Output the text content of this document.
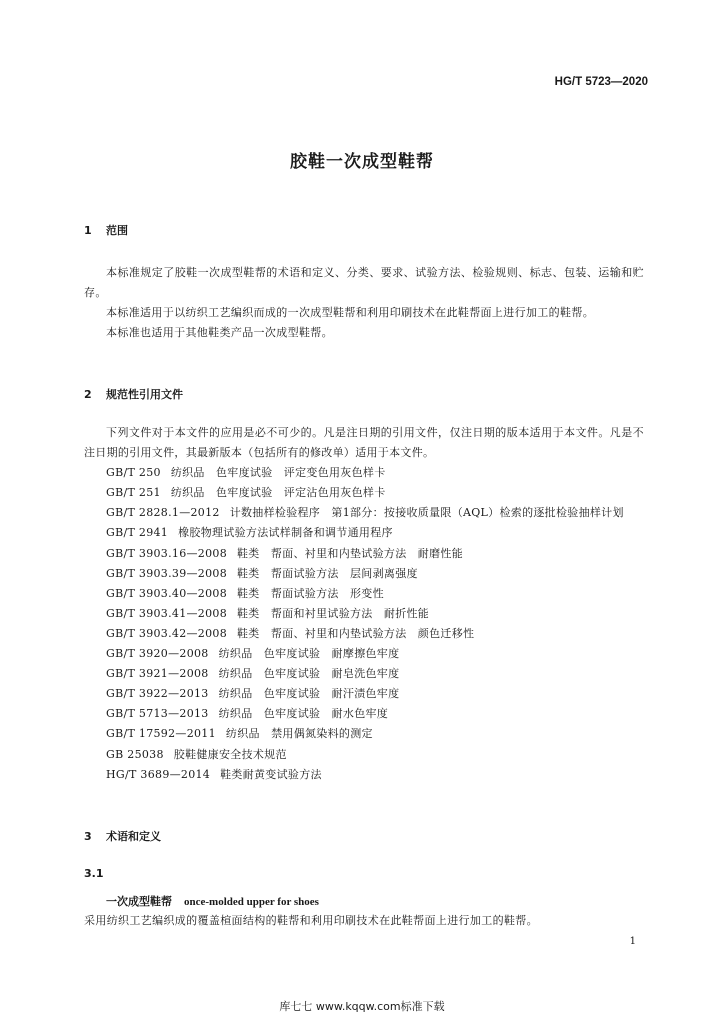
HG/T 5723—2020
胶鞋一次成型鞋帮
1 范围

本标准规定了胶鞋一次成型鞋帮的术语和定义、分类、要求、试验方法、检验规则、标志、包装、运输和贮存。

本标准适用于以纺织工艺编织而成的一次成型鞋帮和利用印刷技术在此鞋帮面上进行加工的鞋帮。

本标准也适用于其他鞋类产品一次成型鞋帮。

2 规范性引用文件
下列文件对于本文件的应用是必不可少的。凡是注日期的引用文件，仅注日期的版本适用于本文件。凡是不注日期的引用文件，其最新版本（包括所有的修改单）适用于本文件。
GB/T 250 纺织品　色牢度试验　评定变色用灰色样卡
GB/T 251 纺织品　色牢度试验　评定沾色用灰色样卡
GB/T 2828.1—2012 计数抽样检验程序　第1部分：按接收质量限（AQL）检索的逐批检验抽样计划
GB/T 2941 橡胶物理试验方法试样制备和调节通用程序
GB/T 3903.16—2008 鞋类　帮面、衬里和内垫试验方法　耐磨性能
GB/T 3903.39—2008 鞋类　帮面试验方法　层间剥离强度
GB/T 3903.40—2008 鞋类　帮面试验方法　形变性
GB/T 3903.41—2008 鞋类　帮面和衬里试验方法　耐折性能
GB/T 3903.42—2008 鞋类　帮面、衬里和内垫试验方法　颜色迁移性
GB/T 3920—2008 纺织品　色牢度试验　耐摩擦色牢度
GB/T 3921—2008 纺织品　色牢度试验　耐皂洗色牢度
GB/T 3922—2013 纺织品　色牢度试验　耐汗渍色牢度
GB/T 5713—2013 纺织品　色牢度试验　耐水色牢度
GB/T 17592—2011 纺织品　禁用偶氮染料的测定
GB 25038 胶鞋健康安全技术规范
HG/T 3689—2014 鞋类耐黄变试验方法
3 术语和定义
3.1
一次成型鞋帮 once-molded upper for shoes
采用纺织工艺编织成的覆盖楦面结构的鞋帮和利用印刷技术在此鞋帮面上进行加工的鞋帮。
1
库七七 www.kqqw.com标准下载
